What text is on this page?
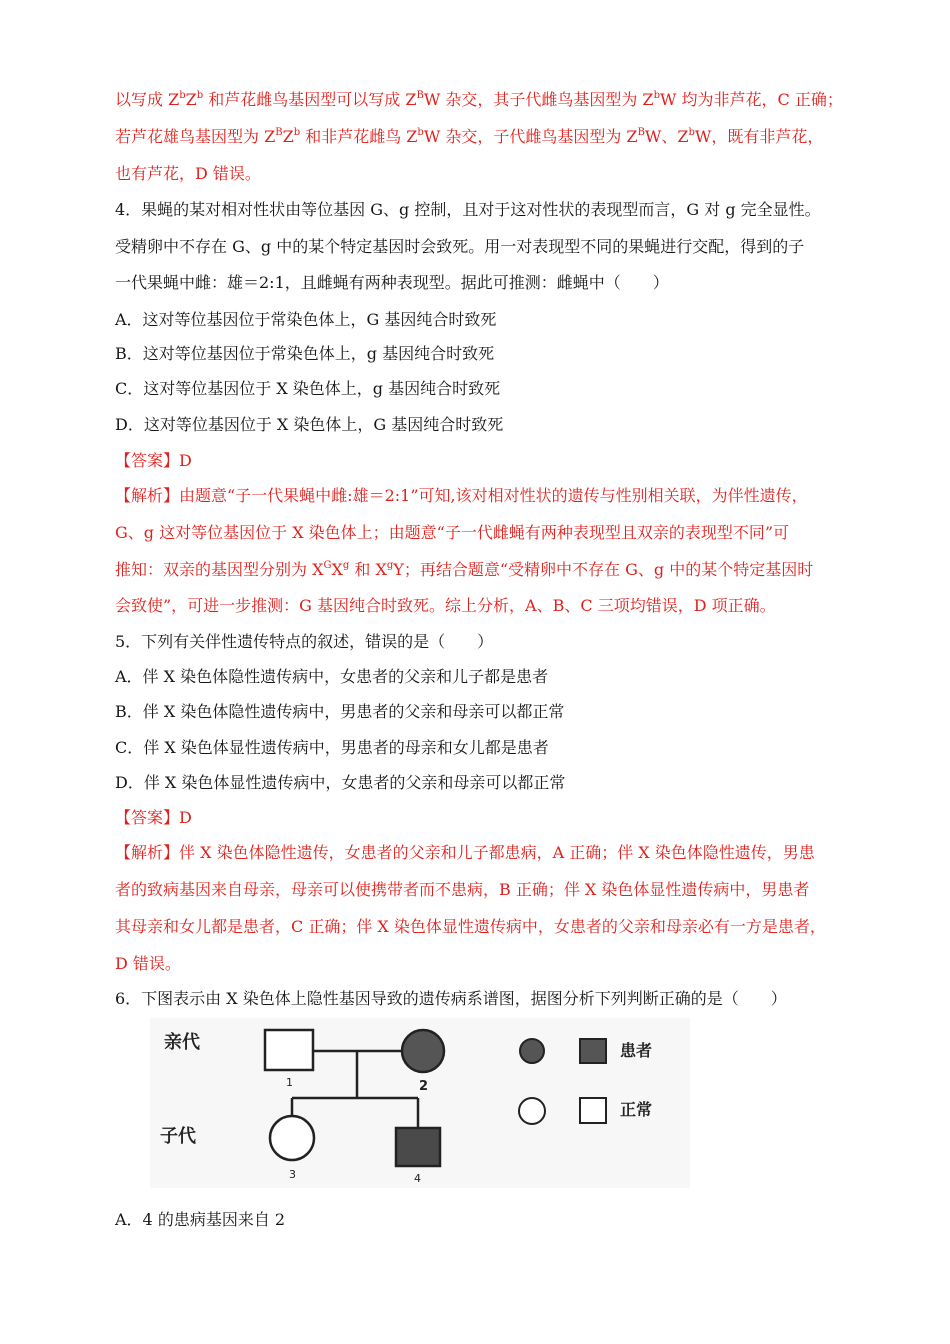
以写成 $Z^bZ^b$ 和芦花雌鸟基因型可以写成 $Z^BW$ 杂交，其子代雌鸟基因型为 $Z^bW$ 均为非芦花，C 正确；
若芦花雄鸟基因型为 $Z^BZ^b$ 和非芦花雌鸟 $Z^bW$ 杂交，子代雌鸟基因型为 $Z^BW$、$Z^bW$，既有非芦花，
也有芦花，D 错误。
4．果蝇的某对相对性状由等位基因 G、g 控制，且对于这对性状的表现型而言，G 对 g 完全显性。
受精卵中不存在 G、g 中的某个特定基因时会致死。用一对表现型不同的果蝇进行交配，得到的子
一代果蝇中雌：雄＝2:1，且雌蝇有两种表现型。据此可推测：雌蝇中（　　）
A．这对等位基因位于常染色体上，G 基因纯合时致死
B．这对等位基因位于常染色体上，g 基因纯合时致死
C．这对等位基因位于 X 染色体上，g 基因纯合时致死
D．这对等位基因位于 X 染色体上，G 基因纯合时致死
【答案】D
【解析】由题意“子一代果蝇中雌:雄＝2:1”可知,该对相对性状的遗传与性别相关联，为伴性遗传，
G、g 这对等位基因位于 X 染色体上；由题意“子一代雌蝇有两种表现型且双亲的表现型不同”可
推知：双亲的基因型分别为 $X^GX^g$ 和 $X^gY$；再结合题意“受精卵中不存在 G、g 中的某个特定基因时
会致使”，可进一步推测：G 基因纯合时致死。综上分析，A、B、C 三项均错误，D 项正确。
5．下列有关伴性遗传特点的叙述，错误的是（　　）
A．伴 X 染色体隐性遗传病中，女患者的父亲和儿子都是患者
B．伴 X 染色体隐性遗传病中，男患者的父亲和母亲可以都正常
C．伴 X 染色体显性遗传病中，男患者的母亲和女儿都是患者
D．伴 X 染色体显性遗传病中，女患者的父亲和母亲可以都正常
【答案】D
【解析】伴 X 染色体隐性遗传，女患者的父亲和儿子都患病，A 正确；伴 X 染色体隐性遗传，男患
者的致病基因来自母亲，母亲可以使携带者而不患病，B 正确；伴 X 染色体显性遗传病中，男患者
其母亲和女儿都是患者，C 正确；伴 X 染色体显性遗传病中，女患者的父亲和母亲必有一方是患者，
D 错误。
6．下图表示由 X 染色体上隐性基因导致的遗传病系谱图，据图分析下列判断正确的是（　　）
亲代
子代
1	2
3	4
患者
正常
A．4 的患病基因来自 2
